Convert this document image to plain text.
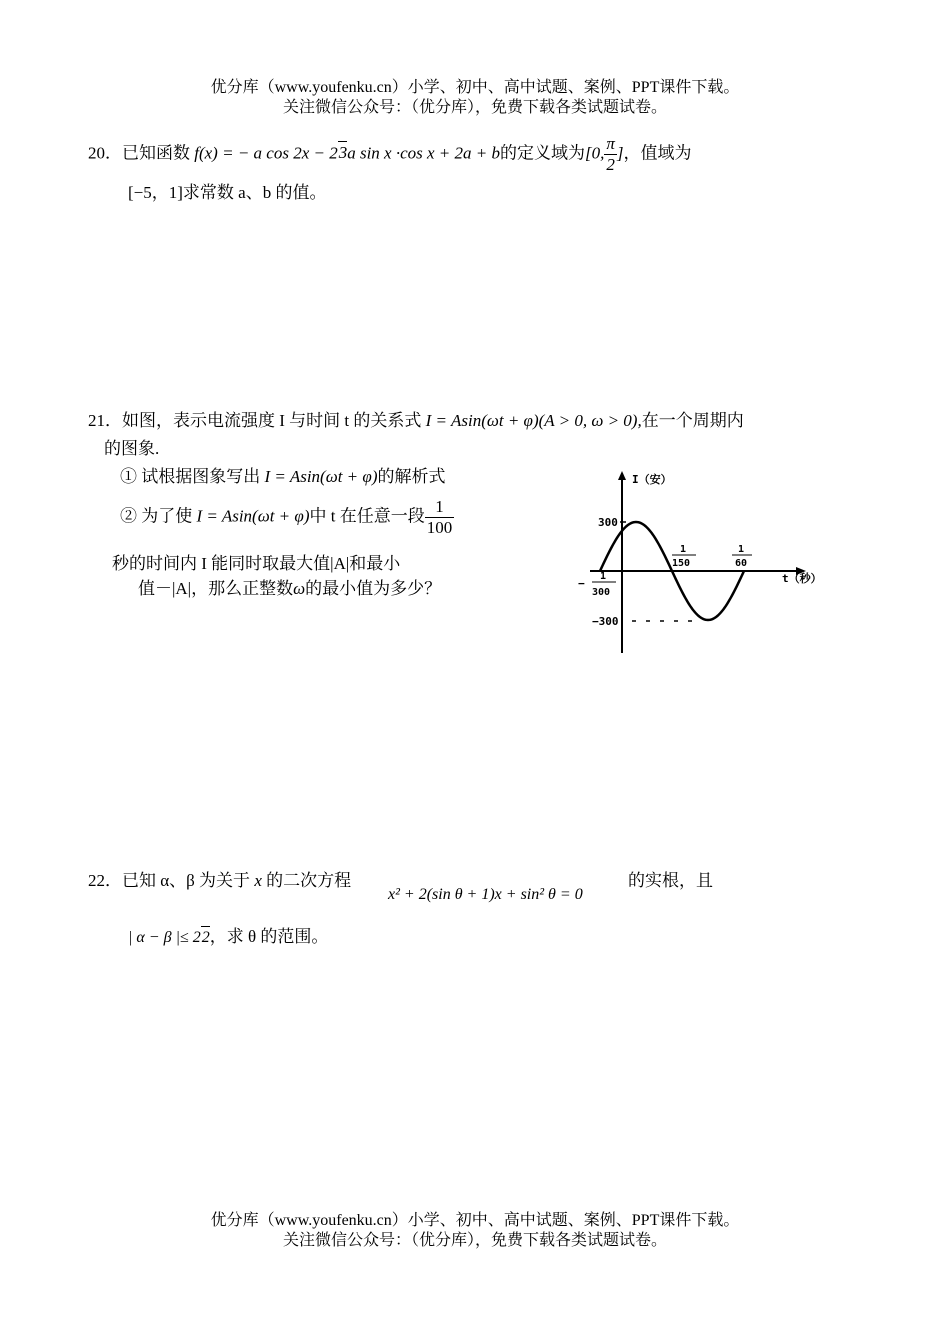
优分库（www.youfenku.cn）小学、初中、高中试题、案例、PPT课件下载。
关注微信公众号：（优分库），免费下载各类试题试卷。
20．已知函数 f(x) = − a cos 2x − 23a sin x ·cos x + 2a + b的定义域为[0, $\frac{\pi}{2}$ ]，值域为
[−5，1]求常数 a、b 的值。
21．如图，表示电流强度 I 与时间 t 的关系式 I = Asin(ωt + φ)(A > 0, ω > 0),在一个周期内
的图象.
① 试根据图象写出 I = Asin(ωt + φ)的解析式
② 为了使 I = Asin(ωt + φ)中 t 在任意一段 $\frac{1}{100}$
秒的时间内 I 能同时取最大值|A|和最小
值－|A|，那么正整数ω的最小值为多少？
I（安）
t（秒）
300
−300
−
1
300
1
150
1
60
22．已知 α、β 为关于 x 的二次方程
x² + 2(sin θ + 1)x + sin² θ = 0
的实根，且
| α − β |≤ 22，求 θ 的范围。
优分库（www.youfenku.cn）小学、初中、高中试题、案例、PPT课件下载。
关注微信公众号：（优分库），免费下载各类试题试卷。
